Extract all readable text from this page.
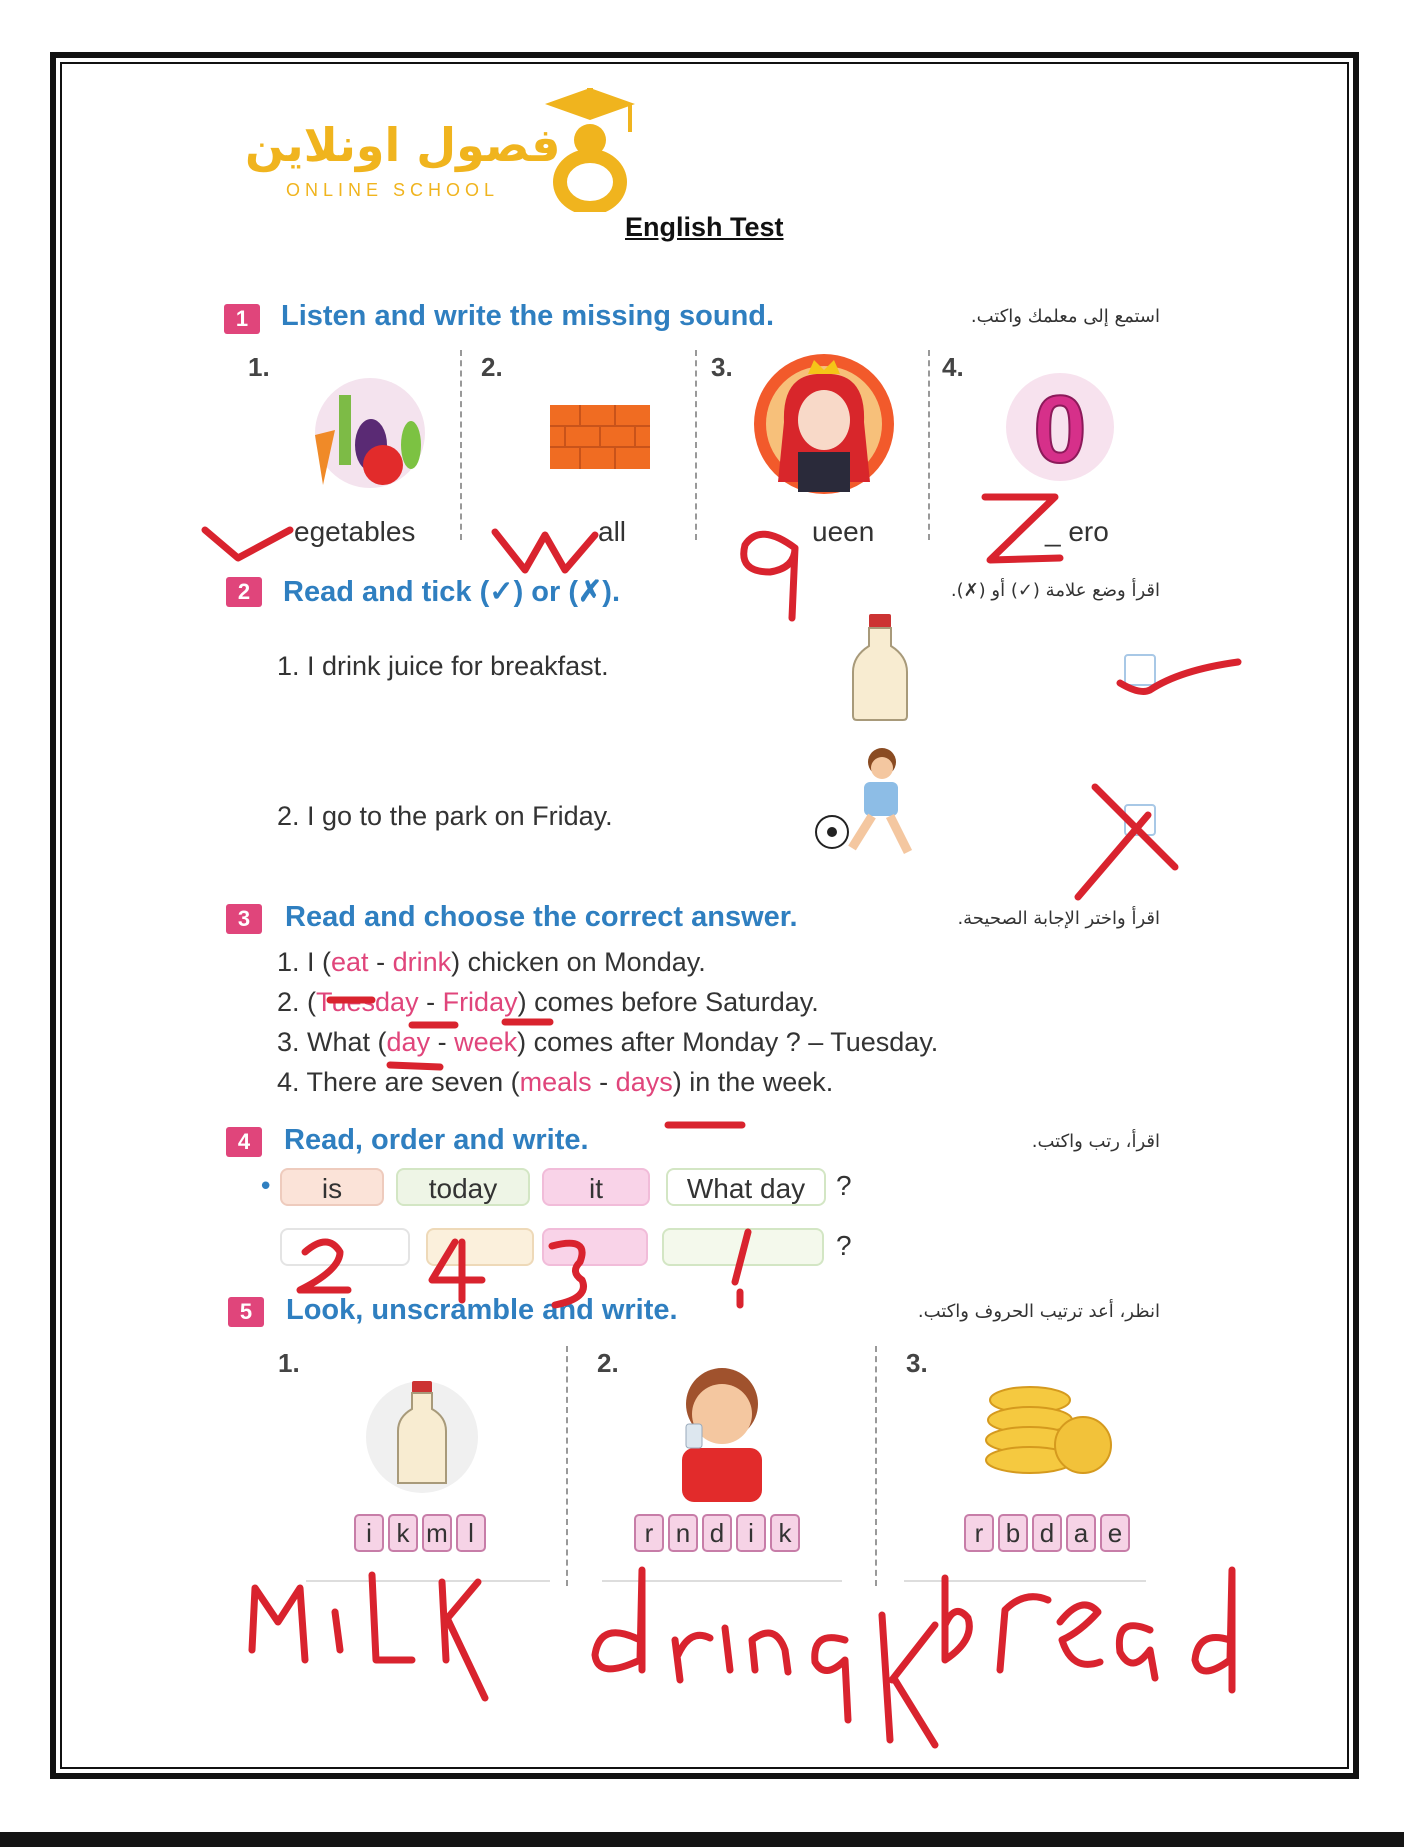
فصول اونلاين
ONLINE SCHOOL
English Test
1	Listen and write the missing sound.	استمع إلى معلمك واكتب.
1.	2.	3.	4.
0
egetables	all	ueen	_ ero
2	Read and tick (✓) or (✗).	اقرأ وضع علامة (✓) أو (✗).
1. I drink juice for breakfast.
2. I go to the park on Friday.
3	Read and choose the correct answer.	اقرأ واختر الإجابة الصحيحة.
1. I (eat - drink) chicken on Monday.
2. (Tuesday - Friday) comes before Saturday.
3. What (day - week) comes after Monday ? – Tuesday.
4. There are seven (meals - days) in the week.
4	Read, order and write.	اقرأ، رتب واكتب.
•	is	today	it	What day	?
?
5	Look, unscramble and write.	انظر، أعد ترتيب الحروف واكتب.
1.	2.	3.
i k m l	r n d i k	r b d a e
